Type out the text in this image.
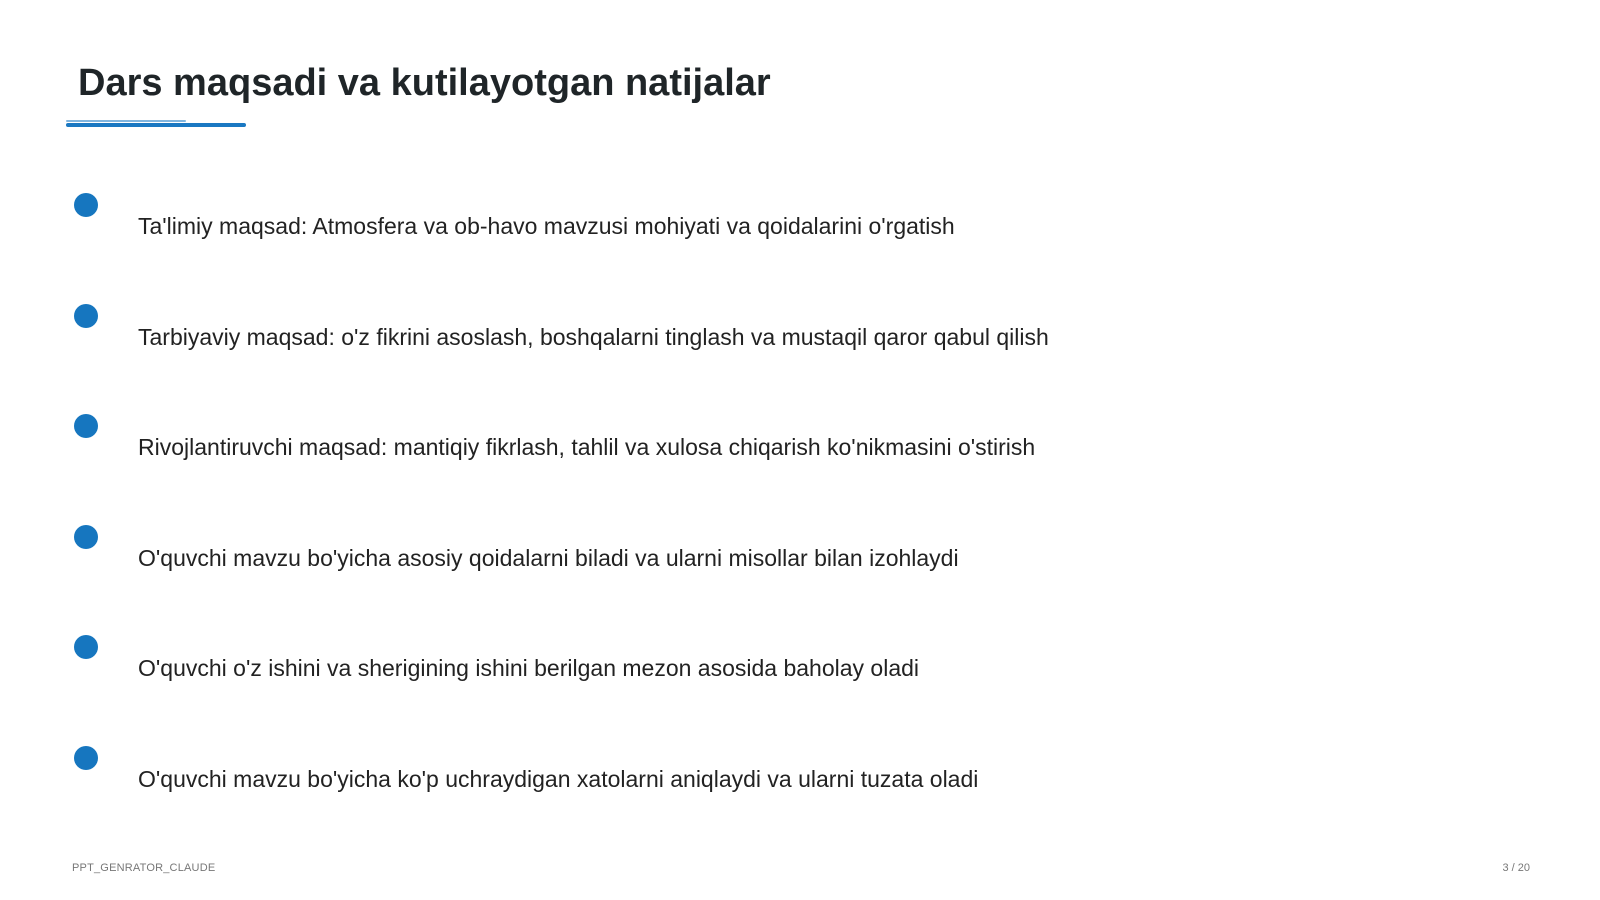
Dars maqsadi va kutilayotgan natijalar
Ta'limiy maqsad: Atmosfera va ob-havo mavzusi mohiyati va qoidalarini o'rgatish
Tarbiyaviy maqsad: o'z fikrini asoslash, boshqalarni tinglash va mustaqil qaror qabul qilish
Rivojlantiruvchi maqsad: mantiqiy fikrlash, tahlil va xulosa chiqarish ko'nikmasini o'stirish
O'quvchi mavzu bo'yicha asosiy qoidalarni biladi va ularni misollar bilan izohlaydi
O'quvchi o'z ishini va sherigining ishini berilgan mezon asosida baholay oladi
O'quvchi mavzu bo'yicha ko'p uchraydigan xatolarni aniqlaydi va ularni tuzata oladi
PPT_GENRATOR_CLAUDE	3 / 20
